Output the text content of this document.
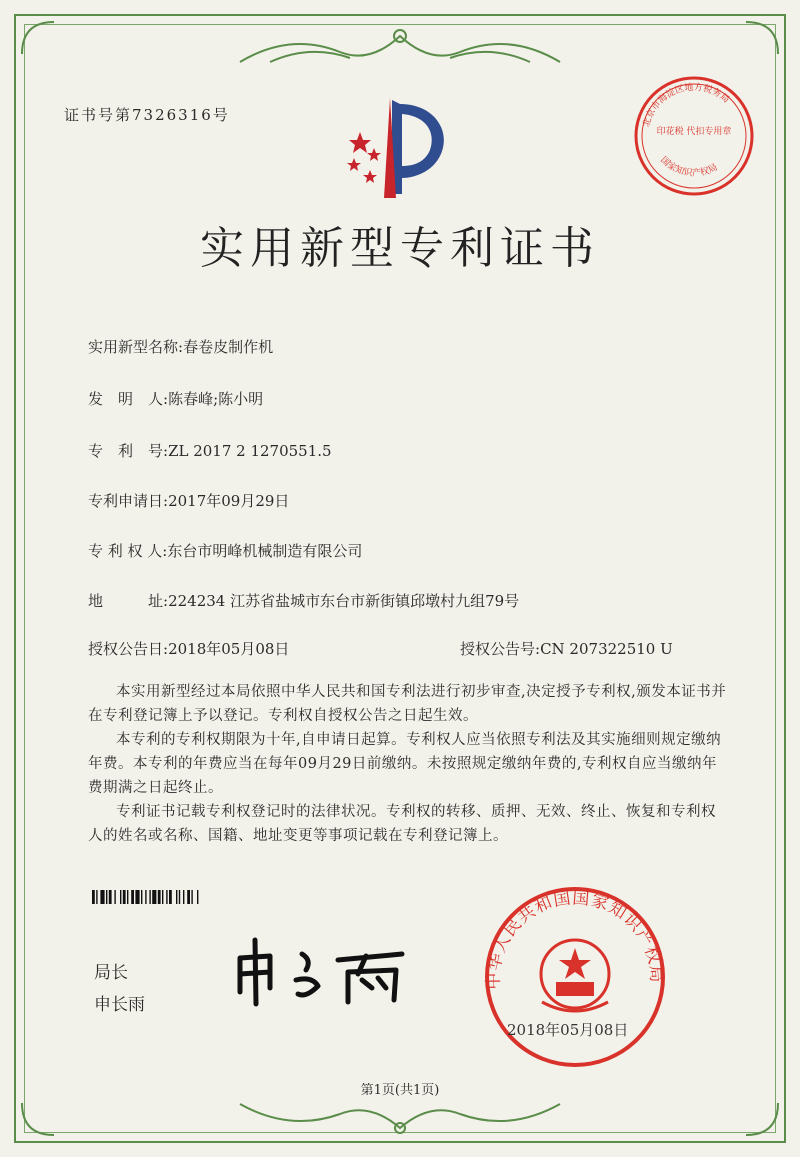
证书号第7326316号	北京市海淀区地方税务局
印花税 代扣专用章
国家知识产权局
实用新型专利证书
实用新型名称:春卷皮制作机
发　明　人:陈春峰;陈小明
专　利　号:ZL 2017 2 1270551.5
专利申请日:2017年09月29日
专 利 权 人:东台市明峰机械制造有限公司
地　　　址:224234 江苏省盐城市东台市新街镇邱墩村九组79号
授权公告日:2018年05月08日	授权公告号:CN 207322510 U
本实用新型经过本局依照中华人民共和国专利法进行初步审查,决定授予专利权,颁发本证书并在专利登记簿上予以登记。专利权自授权公告之日起生效。
本专利的专利权期限为十年,自申请日起算。专利权人应当依照专利法及其实施细则规定缴纳年费。本专利的年费应当在每年09月29日前缴纳。未按照规定缴纳年费的,专利权自应当缴纳年费期满之日起终止。
专利证书记载专利权登记时的法律状况。专利权的转移、质押、无效、终止、恢复和专利权人的姓名或名称、国籍、地址变更等事项记载在专利登记簿上。
局长
申长雨
中华人民共和国国家知识产权局
2018年05月08日
第1页(共1页)
